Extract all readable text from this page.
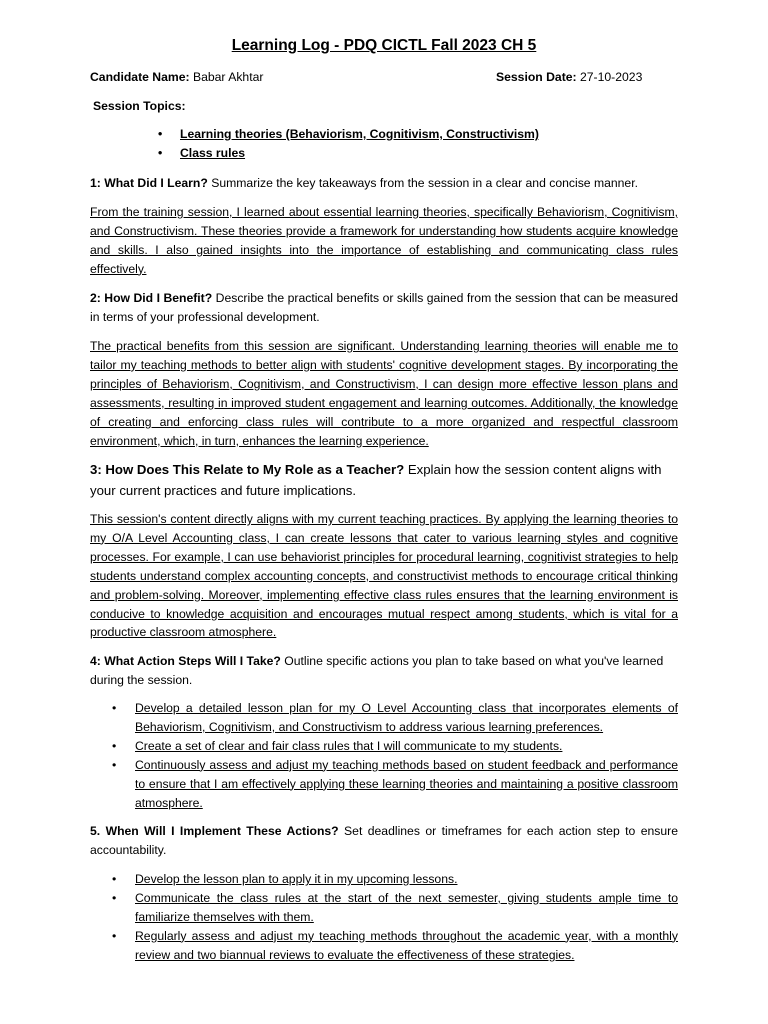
Learning Log - PDQ CICTL Fall 2023 CH 5
Candidate Name: Babar Akhtar	Session Date: 27-10-2023
Session Topics:
• Learning theories (Behaviorism, Cognitivism, Constructivism)
• Class rules
1: What Did I Learn? Summarize the key takeaways from the session in a clear and concise manner.
From the training session, I learned about essential learning theories, specifically Behaviorism, Cognitivism, and Constructivism. These theories provide a framework for understanding how students acquire knowledge and skills. I also gained insights into the importance of establishing and communicating class rules effectively.
2: How Did I Benefit? Describe the practical benefits or skills gained from the session that can be measured in terms of your professional development.
The practical benefits from this session are significant. Understanding learning theories will enable me to tailor my teaching methods to better align with students' cognitive development stages. By incorporating the principles of Behaviorism, Cognitivism, and Constructivism, I can design more effective lesson plans and assessments, resulting in improved student engagement and learning outcomes. Additionally, the knowledge of creating and enforcing class rules will contribute to a more organized and respectful classroom environment, which, in turn, enhances the learning experience.
3: How Does This Relate to My Role as a Teacher? Explain how the session content aligns with your current practices and future implications.
This session's content directly aligns with my current teaching practices. By applying the learning theories to my O/A Level Accounting class, I can create lessons that cater to various learning styles and cognitive processes. For example, I can use behaviorist principles for procedural learning, cognitivist strategies to help students understand complex accounting concepts, and constructivist methods to encourage critical thinking and problem-solving. Moreover, implementing effective class rules ensures that the learning environment is conducive to knowledge acquisition and encourages mutual respect among students, which is vital for a productive classroom atmosphere.
4: What Action Steps Will I Take? Outline specific actions you plan to take based on what you've learned during the session.
• Develop a detailed lesson plan for my O Level Accounting class that incorporates elements of Behaviorism, Cognitivism, and Constructivism to address various learning preferences.
• Create a set of clear and fair class rules that I will communicate to my students.
• Continuously assess and adjust my teaching methods based on student feedback and performance to ensure that I am effectively applying these learning theories and maintaining a positive classroom atmosphere.
5. When Will I Implement These Actions? Set deadlines or timeframes for each action step to ensure accountability.
• Develop the lesson plan to apply it in my upcoming lessons.
• Communicate the class rules at the start of the next semester, giving students ample time to familiarize themselves with them.
• Regularly assess and adjust my teaching methods throughout the academic year, with a monthly review and two biannual reviews to evaluate the effectiveness of these strategies.
